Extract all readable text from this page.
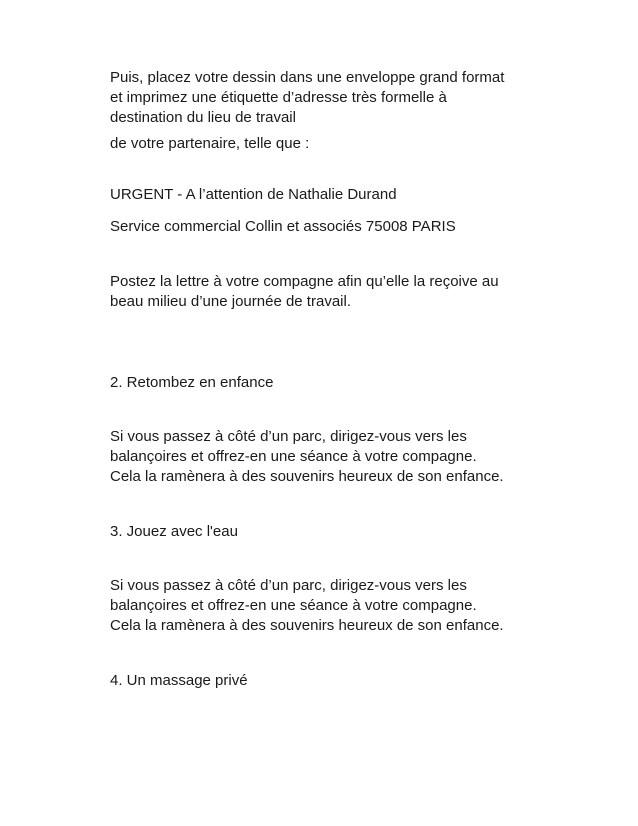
Puis, placez votre dessin dans une enveloppe grand format

et imprimez une étiquette d’adresse très formelle à

destination du lieu de travail

de votre partenaire, telle que :

URGENT - A l’attention de Nathalie Durand

Service commercial Collin et associés 75008 PARIS

Postez la lettre à votre compagne afin qu’elle la reçoive au

beau milieu d’une journée de travail.

2. Retombez en enfance

Si vous passez à côté d’un parc, dirigez-vous vers les

balançoires et offrez-en une séance à votre compagne.

Cela la ramènera à des souvenirs heureux de son enfance.

3. Jouez avec l'eau

Si vous passez à côté d’un parc, dirigez-vous vers les

balançoires et offrez-en une séance à votre compagne.

Cela la ramènera à des souvenirs heureux de son enfance.

4. Un massage privé
